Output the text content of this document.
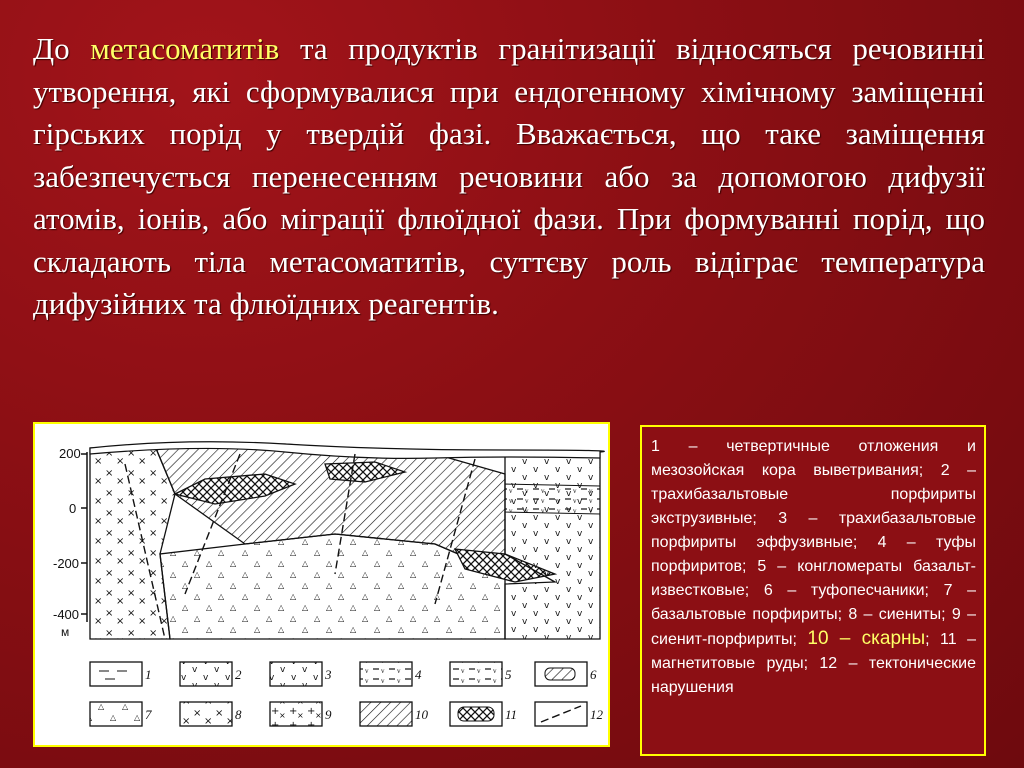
До метасоматитів та продуктів гранітизації відносяться речовинні утворення, які сформувалися при ендогенному хімічному заміщенні гірських порід у твердій фазі. Вважається, що таке заміщення забезпечується перенесенням речовини або за допомогою дифузії атомів, іонів, або міграції флюїдної фази. При формуванні порід, що складають тіла метасоматитів, суттєву роль відіграє температура дифузійних та флюїдних реагентів.
200
0
-200
-400
м
1	2	3	4	5	6
7	8	9	10	11	12
1 – четвертичные отложения и мезозойская кора выветривания; 2 – трахибазальтовые порфириты экструзивные; 3 – трахибазальтовые порфириты эффузивные; 4 – туфы порфиритов; 5 – конгломераты базальт-известковые; 6 – туфопесчаники; 7 – базальтовые порфириты; 8 – сиениты; 9 – сиенит-порфириты; 10 – скарны; 11 – магнетитовые руды; 12 – тектонические нарушения
